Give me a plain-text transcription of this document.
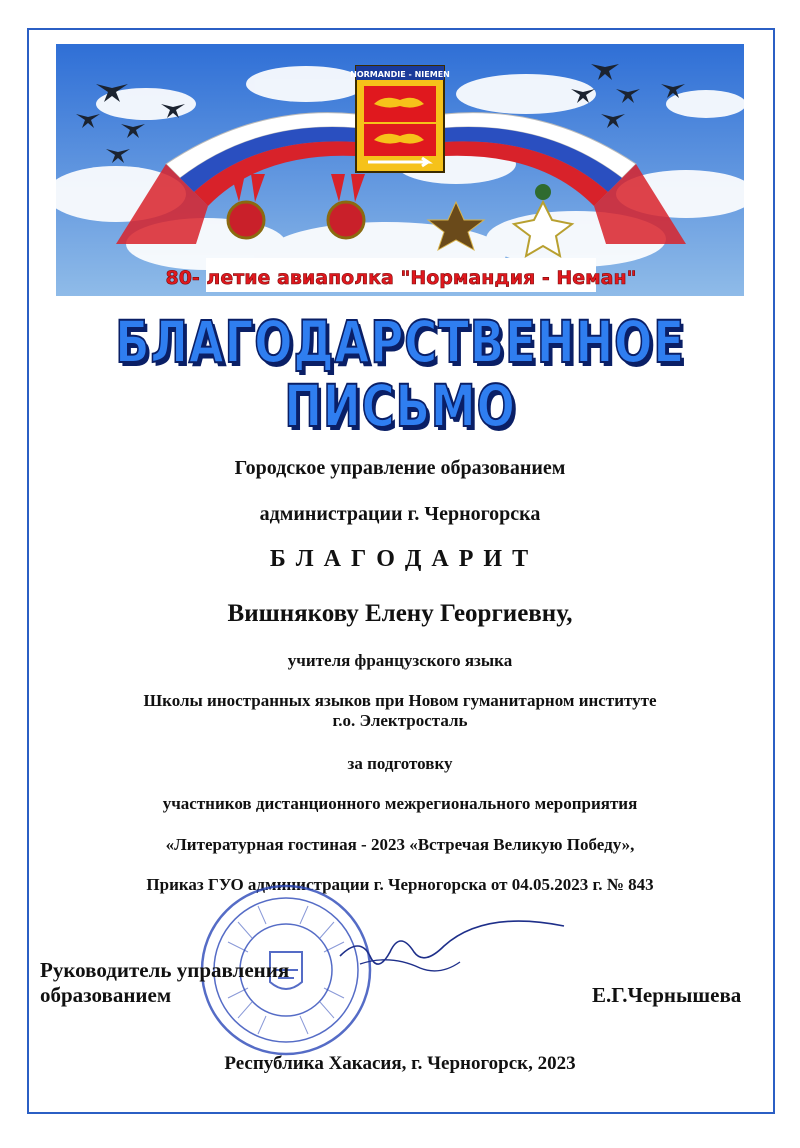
NORMANDIE - NIEMEN
80- летие авиаполка "Нормандия - Неман"
БЛАГОДАРСТВЕННОЕ
ПИСЬМО
Городское управление образованием
администрации г. Черногорска
Б Л А Г О Д А Р И Т
Вишнякову Елену Георгиевну,
учителя французского языка
Школы иностранных языков при Новом гуманитарном институте
г.о. Электросталь
за подготовку
участников дистанционного межрегионального мероприятия
«Литературная гостиная - 2023 «Встречая Великую Победу»,
Приказ ГУО администрации г. Черногорска от 04.05.2023 г. № 843
Руководитель управления
образованием	Е.Г.Чернышева
Республика Хакасия, г. Черногорск, 2023
